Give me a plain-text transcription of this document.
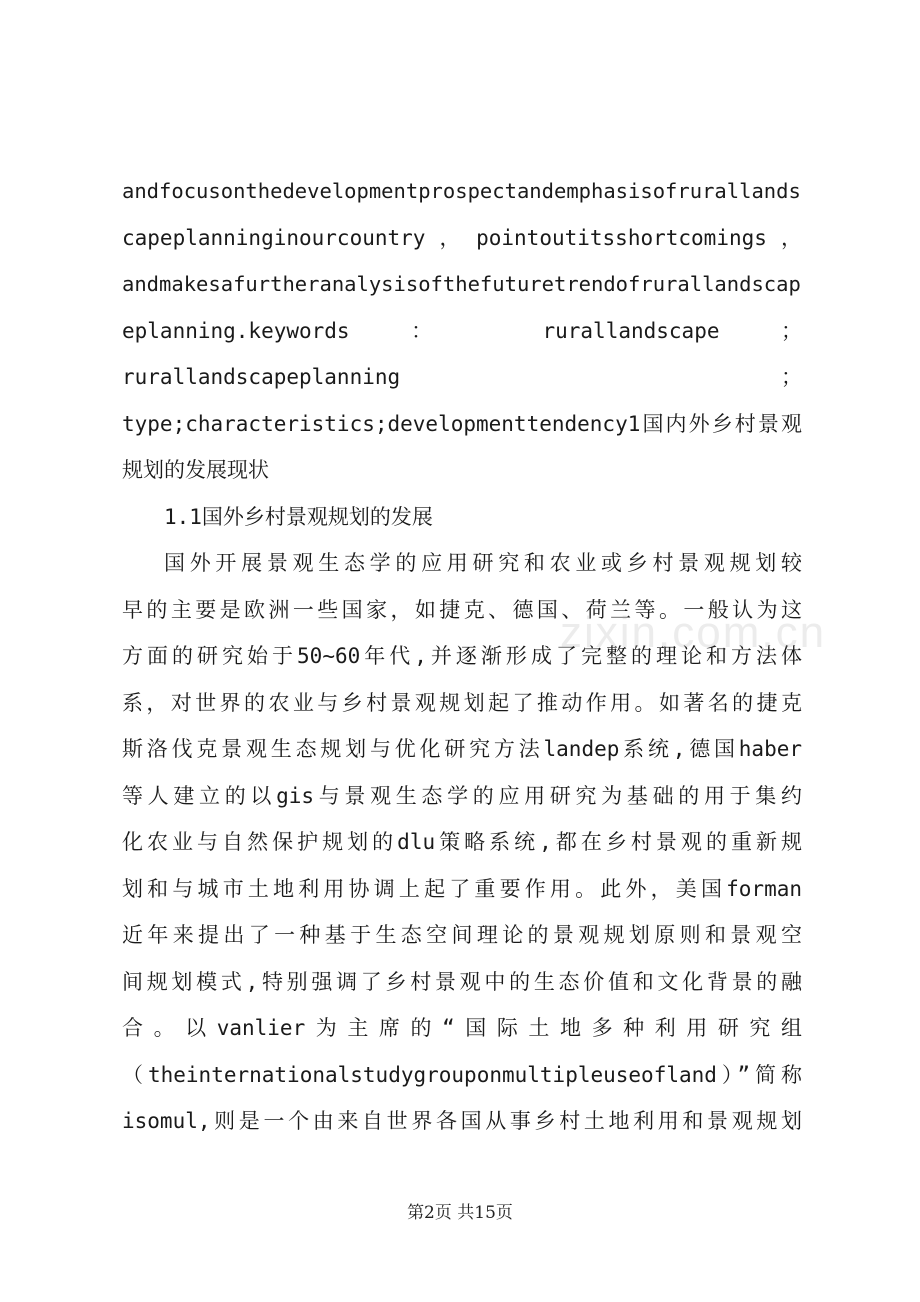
andfocusonthedevelopmentprospectandemphasisofrurallands
capeplanninginourcountry ， pointoutitsshortcomings ，
andmakesafurtheranalysisofthefuturetrendofrurallandscap
eplanning.keywords ： rurallandscape ；
rurallandscapeplanning ；
type;characteristics;developmenttendency1国内外乡村景观
规划的发展现状
1.1国外乡村景观规划的发展
国外开展景观生态学的应用研究和农业或乡村景观规划较
早的主要是欧洲一些国家，如捷克、德国、荷兰等。一般认为这
方面的研究始于50~60年代,并逐渐形成了完整的理论和方法体
系，对世界的农业与乡村景观规划起了推动作用。如著名的捷克
斯洛伐克景观生态规划与优化研究方法landep系统,德国haber
等人建立的以gis与景观生态学的应用研究为基础的用于集约
化农业与自然保护规划的dlu策略系统,都在乡村景观的重新规
划和与城市土地利用协调上起了重要作用。此外，美国forman
近年来提出了一种基于生态空间理论的景观规划原则和景观空
间规划模式,特别强调了乡村景观中的生态价值和文化背景的融
合。以vanlier为主席的“国际土地多种利用研究组
（theinternationalstudygrouponmultipleuseofland）”简称
isomul,则是一个由来自世界各国从事乡村土地利用和景观规划
zixin.com.cn
第2页 共15页
